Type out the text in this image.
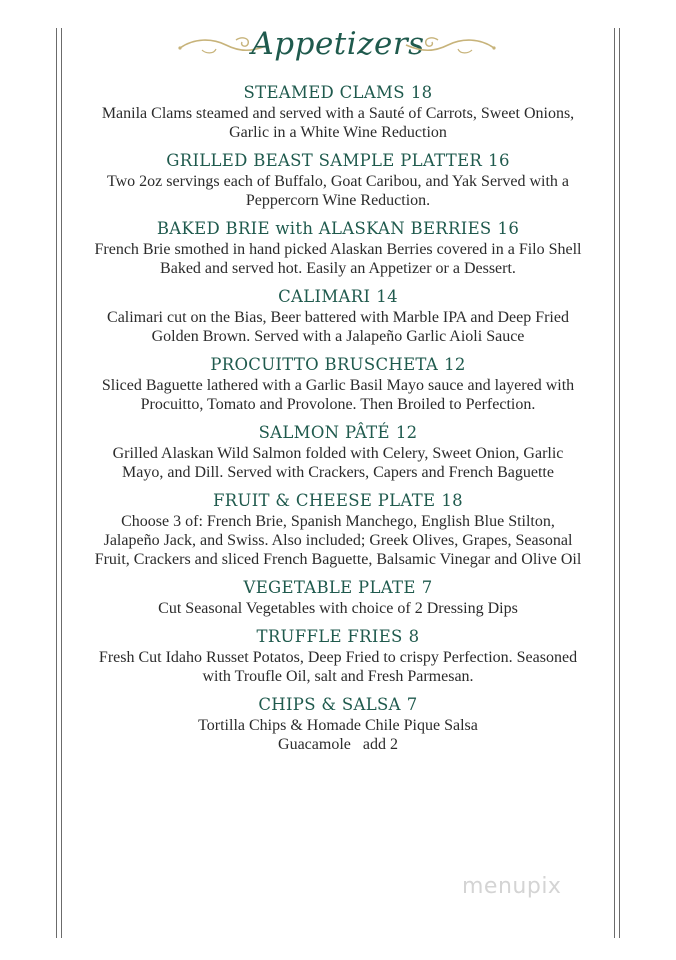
Appetizers
STEAMED CLAMS 18
Manila Clams steamed and served with a Sauté of Carrots, Sweet Onions, Garlic in a White Wine Reduction
GRILLED BEAST SAMPLE PLATTER 16
Two 2oz servings each of Buffalo, Goat Caribou, and Yak Served with a Peppercorn Wine Reduction.
BAKED BRIE with ALASKAN BERRIES 16
French Brie smothed in hand picked Alaskan Berries covered in a Filo Shell Baked and served hot. Easily an Appetizer or a Dessert.
CALIMARI 14
Calimari cut on the Bias, Beer battered with Marble IPA and Deep Fried Golden Brown. Served with a Jalapeño Garlic Aioli Sauce
PROCUITTO BRUSCHETA 12
Sliced Baguette lathered with a Garlic Basil Mayo sauce and layered with Procuitto, Tomato and Provolone. Then Broiled to Perfection.
SALMON PÂTÉ 12
Grilled Alaskan Wild Salmon folded with Celery, Sweet Onion, Garlic Mayo, and Dill. Served with Crackers, Capers and French Baguette
FRUIT & CHEESE PLATE 18
Choose 3 of: French Brie, Spanish Manchego, English Blue Stilton, Jalapeño Jack, and Swiss. Also included; Greek Olives, Grapes, Seasonal Fruit, Crackers and sliced French Baguette, Balsamic Vinegar and Olive Oil
VEGETABLE PLATE 7
Cut Seasonal Vegetables with choice of 2 Dressing Dips
TRUFFLE FRIES 8
Fresh Cut Idaho Russet Potatos, Deep Fried to crispy Perfection. Seasoned with Troufle Oil, salt and Fresh Parmesan.
CHIPS & SALSA 7
Tortilla Chips & Homade Chile Pique Salsa
Guacamole   add 2
menupix
